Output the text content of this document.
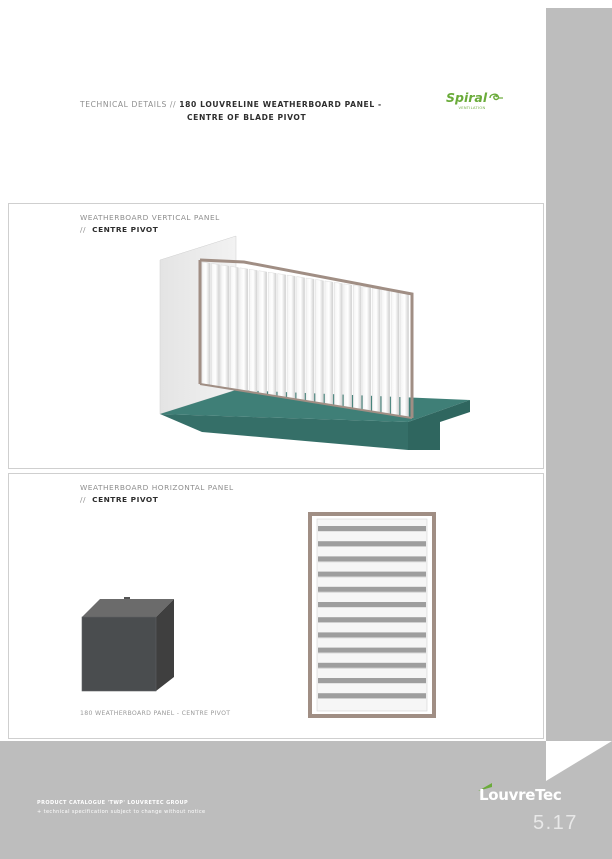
TECHNICAL DETAILS // 180 LOUVRELINE WEATHERBOARD PANEL -
CENTRE OF BLADE PIVOT
Spiral
VENTILATION
WEATHERBOARD VERTICAL PANEL
// CENTRE PIVOT
WEATHERBOARD HORIZONTAL PANEL
// CENTRE PIVOT
180 WEATHERBOARD PANEL - CENTRE PIVOT
PRODUCT CATALOGUE 'TWP' LOUVRETEC GROUP
+ technical specification subject to change without notice
LouvreTec
5.17
